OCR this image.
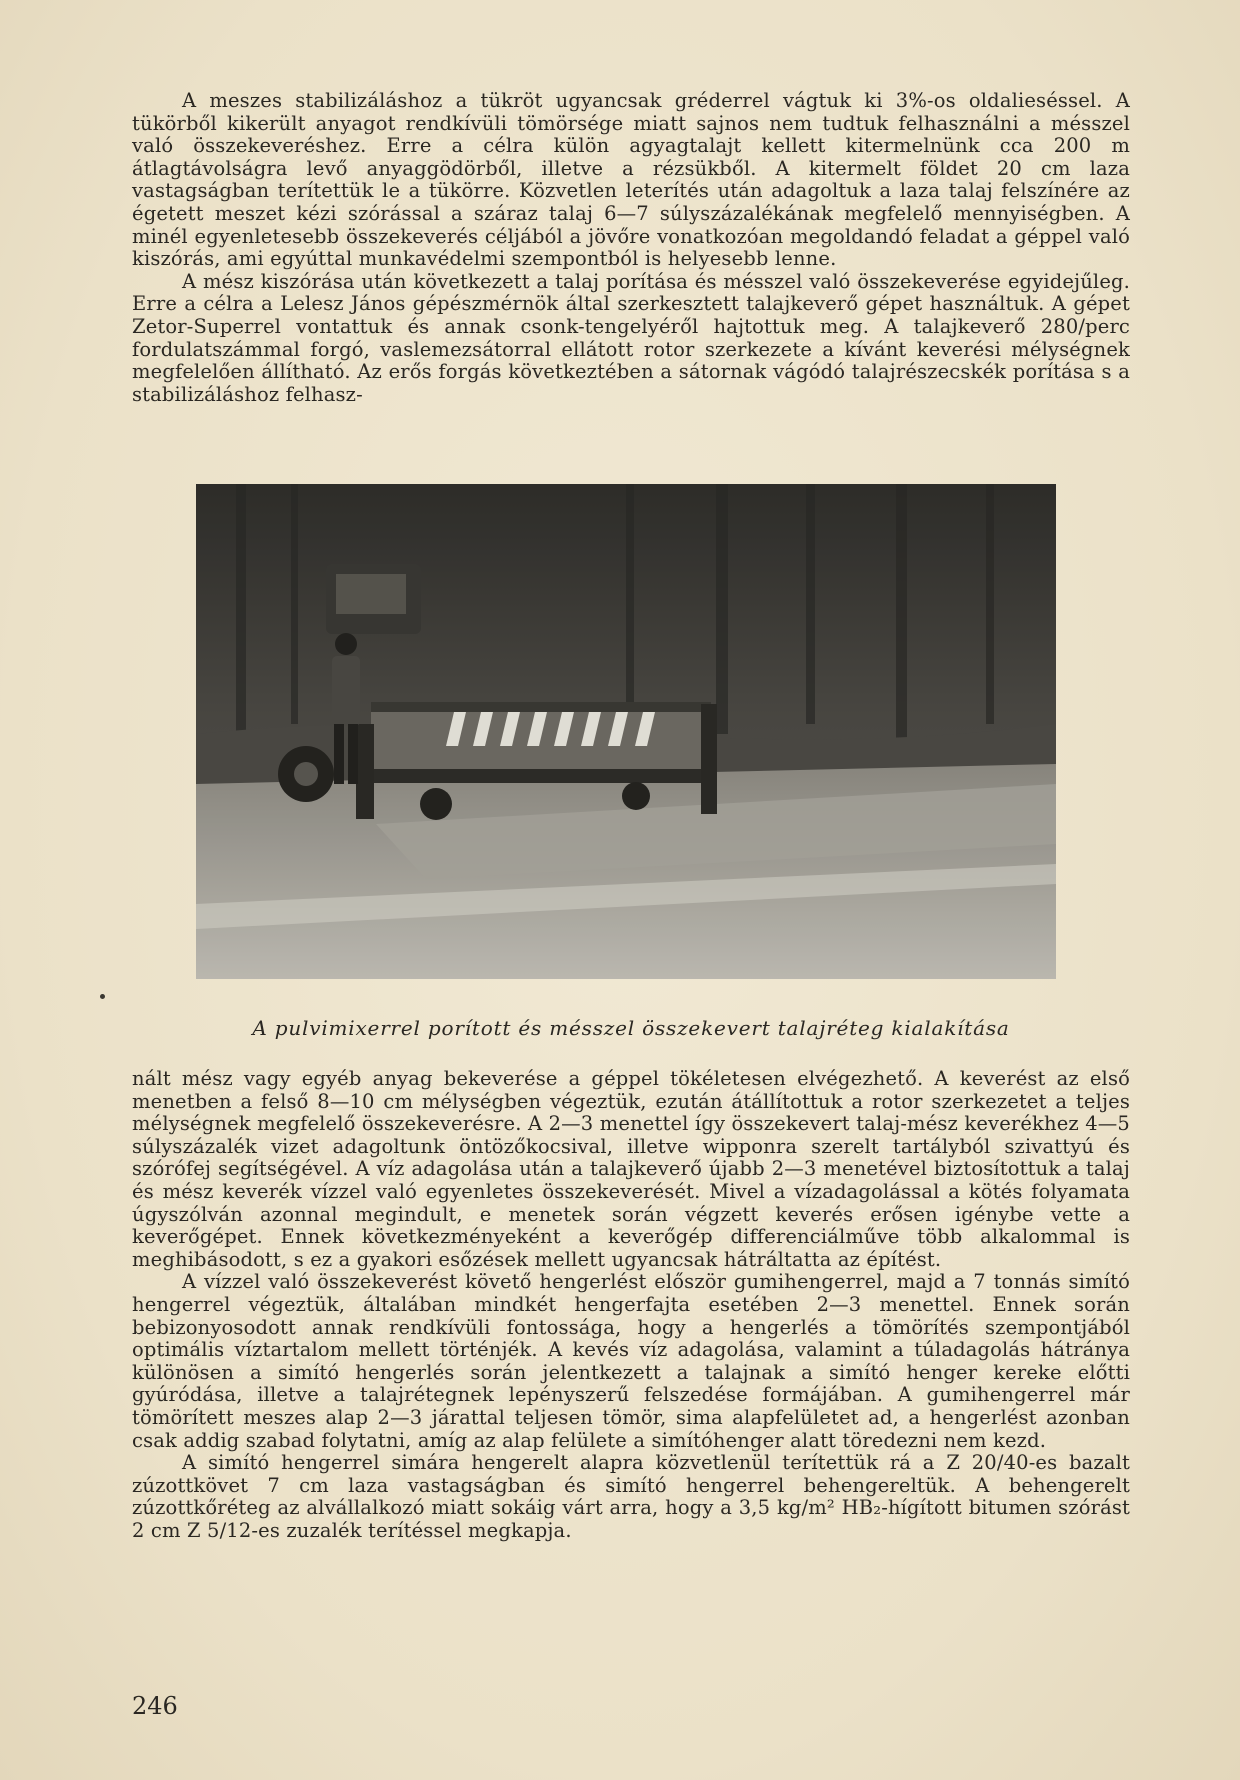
A meszes stabilizáláshoz a tükröt ugyancsak gréderrel vágtuk ki 3%-os oldalieséssel. A tükörből kikerült anyagot rendkívüli tömörsége miatt sajnos nem tudtuk felhasználni a mésszel való összekeveréshez. Erre a célra külön agyagtalajt kellett kitermelnünk cca 200 m átlagtávolságra levő anyaggödörből, illetve a rézsükből. A kitermelt földet 20 cm laza vastagságban terítettük le a tükörre. Közvetlen leterítés után adagoltuk a laza talaj felszínére az égetett meszet kézi szórással a száraz talaj 6—7 súlyszázalékának megfelelő mennyiségben. A minél egyenletesebb összekeverés céljából a jövőre vonatkozóan megoldandó feladat a géppel való kiszórás, ami egyúttal munkavédelmi szempontból is helyesebb lenne.

A mész kiszórása után következett a talaj porítása és mésszel való összekeverése egyidejűleg. Erre a célra a Lelesz János gépészmérnök által szerkesztett talajkeverő gépet használtuk. A gépet Zetor-Superrel vontattuk és annak csonk-tengelyéről hajtottuk meg. A talajkeverő 280/perc fordulatszámmal forgó, vaslemezsátorral ellátott rotor szerkezete a kívánt keverési mélységnek megfelelően állítható. Az erős forgás következtében a sátornak vágódó talajrészecskék porítása s a stabilizáláshoz felhasz-

A pulvimixerrel porított és mésszel összekevert talajréteg kialakítása

nált mész vagy egyéb anyag bekeverése a géppel tökéletesen elvégezhető. A keverést az első menetben a felső 8—10 cm mélységben végeztük, ezután átállítottuk a rotor szerkezetet a teljes mélységnek megfelelő összekeverésre. A 2—3 menettel így összekevert talaj-mész keverékhez 4—5 súlyszázalék vizet adagoltunk öntözőkocsival, illetve wipponra szerelt tartályból szivattyú és szórófej segítségével. A víz adagolása után a talajkeverő újabb 2—3 menetével biztosítottuk a talaj és mész keverék vízzel való egyenletes összekeverését. Mivel a vízadagolással a kötés folyamata úgyszólván azonnal megindult, e menetek során végzett keverés erősen igénybe vette a keverőgépet. Ennek következményeként a keverőgép differenciálműve több alkalommal is meghibásodott, s ez a gyakori esőzések mellett ugyancsak hátráltatta az építést.

A vízzel való összekeverést követő hengerlést először gumihengerrel, majd a 7 tonnás simító hengerrel végeztük, általában mindkét hengerfajta esetében 2—3 menettel. Ennek során bebizonyosodott annak rendkívüli fontossága, hogy a hengerlés a tömörítés szempontjából optimális víztartalom mellett történjék. A kevés víz adagolása, valamint a túladagolás hátránya különösen a simító hengerlés során jelentkezett a talajnak a simító henger kereke előtti gyúródása, illetve a talajrétegnek lepényszerű felszedése formájában. A gumihengerrel már tömörített meszes alap 2—3 járattal teljesen tömör, sima alapfelületet ad, a hengerlést azonban csak addig szabad folytatni, amíg az alap felülete a simítóhenger alatt töredezni nem kezd.

A simító hengerrel simára hengerelt alapra közvetlenül terítettük rá a Z 20/40-es bazalt zúzottkövet 7 cm laza vastagságban és simító hengerrel behengereltük. A behengerelt zúzottkőréteg az alvállalkozó miatt sokáig várt arra, hogy a 3,5 kg/m² HB₂-hígított bitumen szórást 2 cm Z 5/12-es zuzalék terítéssel megkapja.

246
